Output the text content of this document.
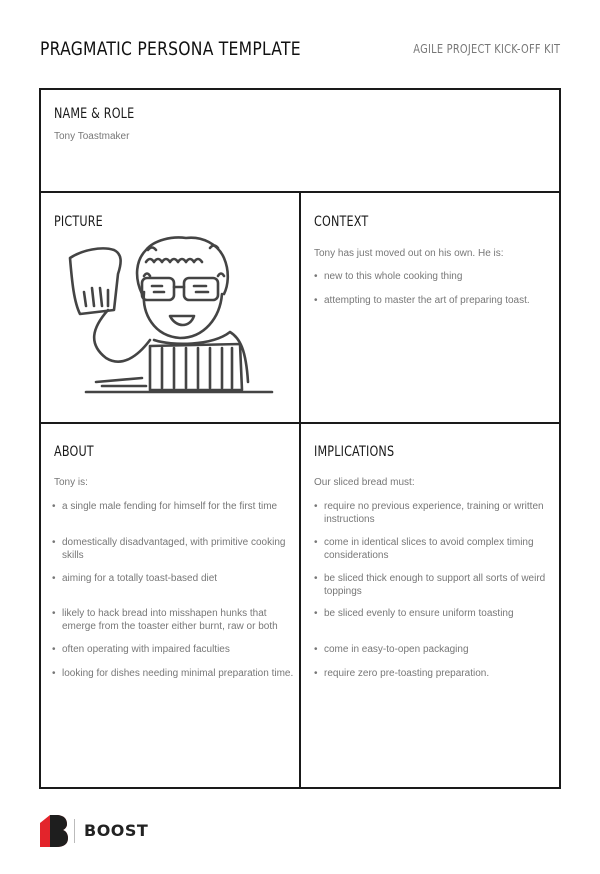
PRAGMATIC PERSONA TEMPLATE	AGILE PROJECT KICK-OFF KIT
NAME & ROLE

Tony Toastmaker

PICTURE	CONTEXT

Tony has just moved out on his own. He is:

• new to this whole cooking thing
• attempting to master the art of preparing toast.
ABOUT

Tony is:

• a single male fending for himself for the first time
• domestically disadvantaged, with primitive cooking skills
• aiming for a totally toast-based diet
• likely to hack bread into misshapen hunks that emerge from the toaster either burnt, raw or both
• often operating with impaired faculties
• looking for dishes needing minimal preparation time.
IMPLICATIONS

Our sliced bread must:

• require no previous experience, training or written instructions
• come in identical slices to avoid complex timing considerations
• be sliced thick enough to support all sorts of weird toppings
• be sliced evenly to ensure uniform toasting
• come in easy-to-open packaging
• require zero pre-toasting preparation.
BOOST
